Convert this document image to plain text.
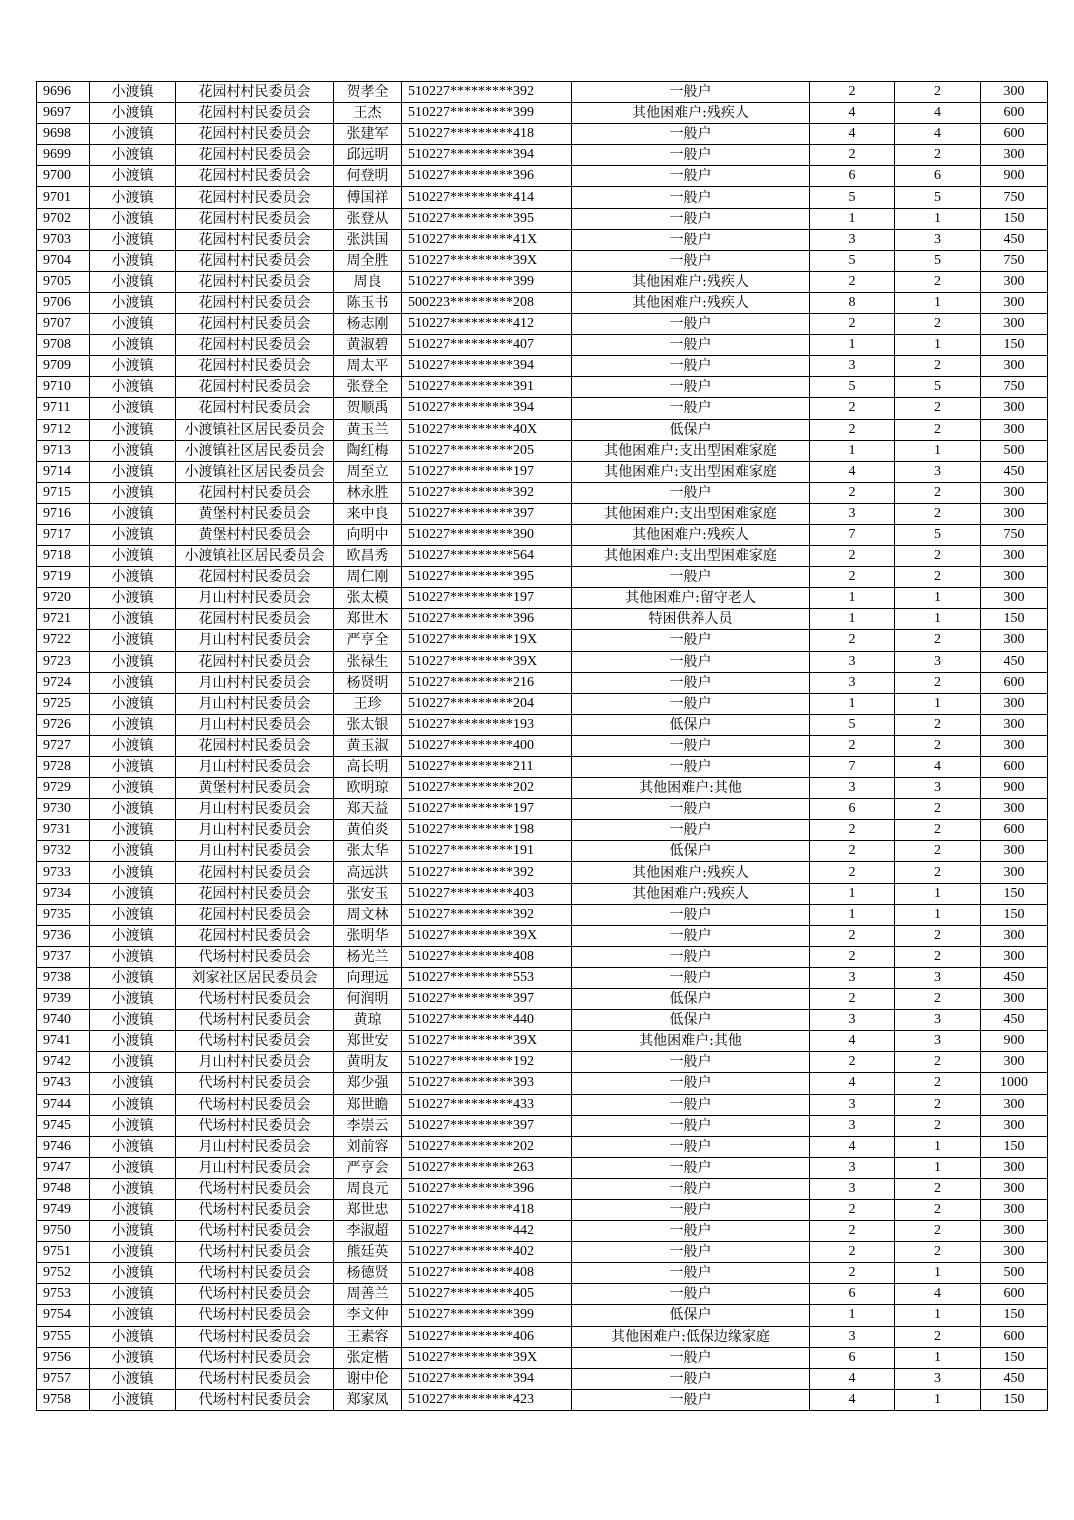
9696	小渡镇	花园村村民委员会	贺孝全	510227*********392	一般户	2	2	300
9697	小渡镇	花园村村民委员会	王杰	510227*********399	其他困难户:残疾人	4	4	600
9698	小渡镇	花园村村民委员会	张建军	510227*********418	一般户	4	4	600
9699	小渡镇	花园村村民委员会	邱远明	510227*********394	一般户	2	2	300
9700	小渡镇	花园村村民委员会	何登明	510227*********396	一般户	6	6	900
9701	小渡镇	花园村村民委员会	傅国祥	510227*********414	一般户	5	5	750
9702	小渡镇	花园村村民委员会	张登从	510227*********395	一般户	1	1	150
9703	小渡镇	花园村村民委员会	张洪国	510227*********41X	一般户	3	3	450
9704	小渡镇	花园村村民委员会	周全胜	510227*********39X	一般户	5	5	750
9705	小渡镇	花园村村民委员会	周良	510227*********399	其他困难户:残疾人	2	2	300
9706	小渡镇	花园村村民委员会	陈玉书	500223*********208	其他困难户:残疾人	8	1	300
9707	小渡镇	花园村村民委员会	杨志刚	510227*********412	一般户	2	2	300
9708	小渡镇	花园村村民委员会	黄淑碧	510227*********407	一般户	1	1	150
9709	小渡镇	花园村村民委员会	周太平	510227*********394	一般户	3	2	300
9710	小渡镇	花园村村民委员会	张登全	510227*********391	一般户	5	5	750
9711	小渡镇	花园村村民委员会	贺顺禹	510227*********394	一般户	2	2	300
9712	小渡镇	小渡镇社区居民委员会	黄玉兰	510227*********40X	低保户	2	2	300
9713	小渡镇	小渡镇社区居民委员会	陶红梅	510227*********205	其他困难户:支出型困难家庭	1	1	500
9714	小渡镇	小渡镇社区居民委员会	周至立	510227*********197	其他困难户:支出型困难家庭	4	3	450
9715	小渡镇	花园村村民委员会	林永胜	510227*********392	一般户	2	2	300
9716	小渡镇	黄堡村村民委员会	来中良	510227*********397	其他困难户:支出型困难家庭	3	2	300
9717	小渡镇	黄堡村村民委员会	向明中	510227*********390	其他困难户:残疾人	7	5	750
9718	小渡镇	小渡镇社区居民委员会	欧昌秀	510227*********564	其他困难户:支出型困难家庭	2	2	300
9719	小渡镇	花园村村民委员会	周仁刚	510227*********395	一般户	2	2	300
9720	小渡镇	月山村村民委员会	张太模	510227*********197	其他困难户:留守老人	1	1	300
9721	小渡镇	花园村村民委员会	郑世木	510227*********396	特困供养人员	1	1	150
9722	小渡镇	月山村村民委员会	严亨全	510227*********19X	一般户	2	2	300
9723	小渡镇	花园村村民委员会	张禄生	510227*********39X	一般户	3	3	450
9724	小渡镇	月山村村民委员会	杨贤明	510227*********216	一般户	3	2	600
9725	小渡镇	月山村村民委员会	王珍	510227*********204	一般户	1	1	300
9726	小渡镇	月山村村民委员会	张太银	510227*********193	低保户	5	2	300
9727	小渡镇	花园村村民委员会	黄玉淑	510227*********400	一般户	2	2	300
9728	小渡镇	月山村村民委员会	高长明	510227*********211	一般户	7	4	600
9729	小渡镇	黄堡村村民委员会	欧明琼	510227*********202	其他困难户:其他	3	3	900
9730	小渡镇	月山村村民委员会	郑天益	510227*********197	一般户	6	2	300
9731	小渡镇	月山村村民委员会	黄伯炎	510227*********198	一般户	2	2	600
9732	小渡镇	月山村村民委员会	张太华	510227*********191	低保户	2	2	300
9733	小渡镇	花园村村民委员会	高远洪	510227*********392	其他困难户:残疾人	2	2	300
9734	小渡镇	花园村村民委员会	张安玉	510227*********403	其他困难户:残疾人	1	1	150
9735	小渡镇	花园村村民委员会	周文林	510227*********392	一般户	1	1	150
9736	小渡镇	花园村村民委员会	张明华	510227*********39X	一般户	2	2	300
9737	小渡镇	代场村村民委员会	杨光兰	510227*********408	一般户	2	2	300
9738	小渡镇	刘家社区居民委员会	向理远	510227*********553	一般户	3	3	450
9739	小渡镇	代场村村民委员会	何润明	510227*********397	低保户	2	2	300
9740	小渡镇	代场村村民委员会	黄琼	510227*********440	低保户	3	3	450
9741	小渡镇	代场村村民委员会	郑世安	510227*********39X	其他困难户:其他	4	3	900
9742	小渡镇	月山村村民委员会	黄明友	510227*********192	一般户	2	2	300
9743	小渡镇	代场村村民委员会	郑少强	510227*********393	一般户	4	2	1000
9744	小渡镇	代场村村民委员会	郑世瞻	510227*********433	一般户	3	2	300
9745	小渡镇	代场村村民委员会	李崇云	510227*********397	一般户	3	2	300
9746	小渡镇	月山村村民委员会	刘前容	510227*********202	一般户	4	1	150
9747	小渡镇	月山村村民委员会	严亨会	510227*********263	一般户	3	1	300
9748	小渡镇	代场村村民委员会	周良元	510227*********396	一般户	3	2	300
9749	小渡镇	代场村村民委员会	郑世忠	510227*********418	一般户	2	2	300
9750	小渡镇	代场村村民委员会	李淑超	510227*********442	一般户	2	2	300
9751	小渡镇	代场村村民委员会	熊廷英	510227*********402	一般户	2	2	300
9752	小渡镇	代场村村民委员会	杨德贤	510227*********408	一般户	2	1	500
9753	小渡镇	代场村村民委员会	周善兰	510227*********405	一般户	6	4	600
9754	小渡镇	代场村村民委员会	李文仲	510227*********399	低保户	1	1	150
9755	小渡镇	代场村村民委员会	王素容	510227*********406	其他困难户:低保边缘家庭	3	2	600
9756	小渡镇	代场村村民委员会	张定楷	510227*********39X	一般户	6	1	150
9757	小渡镇	代场村村民委员会	谢中伦	510227*********394	一般户	4	3	450
9758	小渡镇	代场村村民委员会	郑家凤	510227*********423	一般户	4	1	150
